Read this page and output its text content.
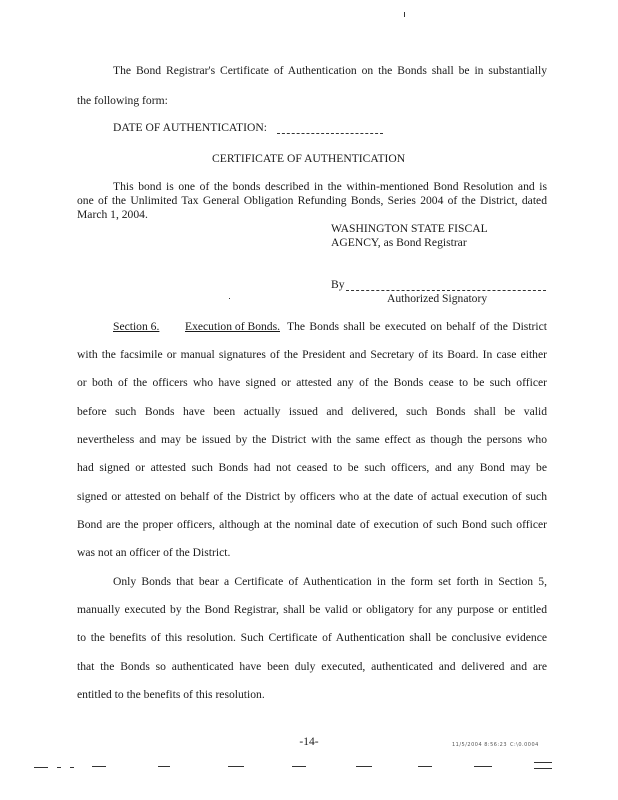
The Bond Registrar's Certificate of Authentication on the Bonds shall be in substantially
the following form:
DATE OF AUTHENTICATION:
CERTIFICATE OF AUTHENTICATION
This bond is one of the bonds described in the within-mentioned Bond Resolution and is
one of the Unlimited Tax General Obligation Refunding Bonds, Series 2004 of the District, dated
March 1, 2004.
WASHINGTON STATE FISCAL
AGENCY, as Bond Registrar
By
Authorized Signatory
Section 6. Execution of Bonds. The Bonds shall be executed on behalf of the District
with the facsimile or manual signatures of the President and Secretary of its Board. In case either
or both of the officers who have signed or attested any of the Bonds cease to be such officer
before such Bonds have been actually issued and delivered, such Bonds shall be valid
nevertheless and may be issued by the District with the same effect as though the persons who
had signed or attested such Bonds had not ceased to be such officers, and any Bond may be
signed or attested on behalf of the District by officers who at the date of actual execution of such
Bond are the proper officers, although at the nominal date of execution of such Bond such officer
was not an officer of the District.
Only Bonds that bear a Certificate of Authentication in the form set forth in Section 5,
manually executed by the Bond Registrar, shall be valid or obligatory for any purpose or entitled
to the benefits of this resolution. Such Certificate of Authentication shall be conclusive evidence
that the Bonds so authenticated have been duly executed, authenticated and delivered and are
entitled to the benefits of this resolution.
-14-	11/5/2004 8:56:23 C:\0.0004
